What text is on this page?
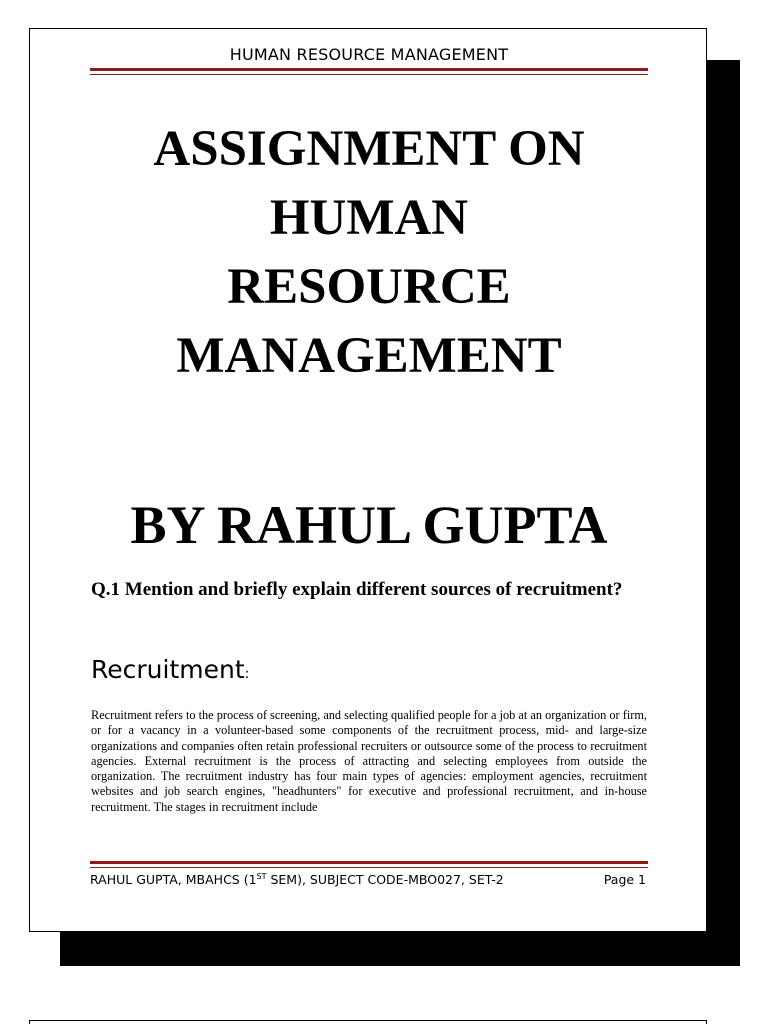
HUMAN RESOURCE MANAGEMENT
ASSIGNMENT ON
HUMAN
RESOURCE
MANAGEMENT
BY RAHUL GUPTA
Q.1 Mention and briefly explain different sources of recruitment?
Recruitment:
Recruitment refers to the process of screening, and selecting qualified people for a job at an organization or firm, or for a vacancy in a volunteer-based some components of the recruitment process, mid- and large-size organizations and companies often retain professional recruiters or outsource some of the process to recruitment agencies. External recruitment is the process of attracting and selecting employees from outside the organization. The recruitment industry has four main types of agencies: employment agencies, recruitment websites and job search engines, "headhunters" for executive and professional recruitment, and in-house recruitment. The stages in recruitment include
RAHUL GUPTA, MBAHCS (1ST SEM), SUBJECT CODE-MBO027, SET-2	Page 1
